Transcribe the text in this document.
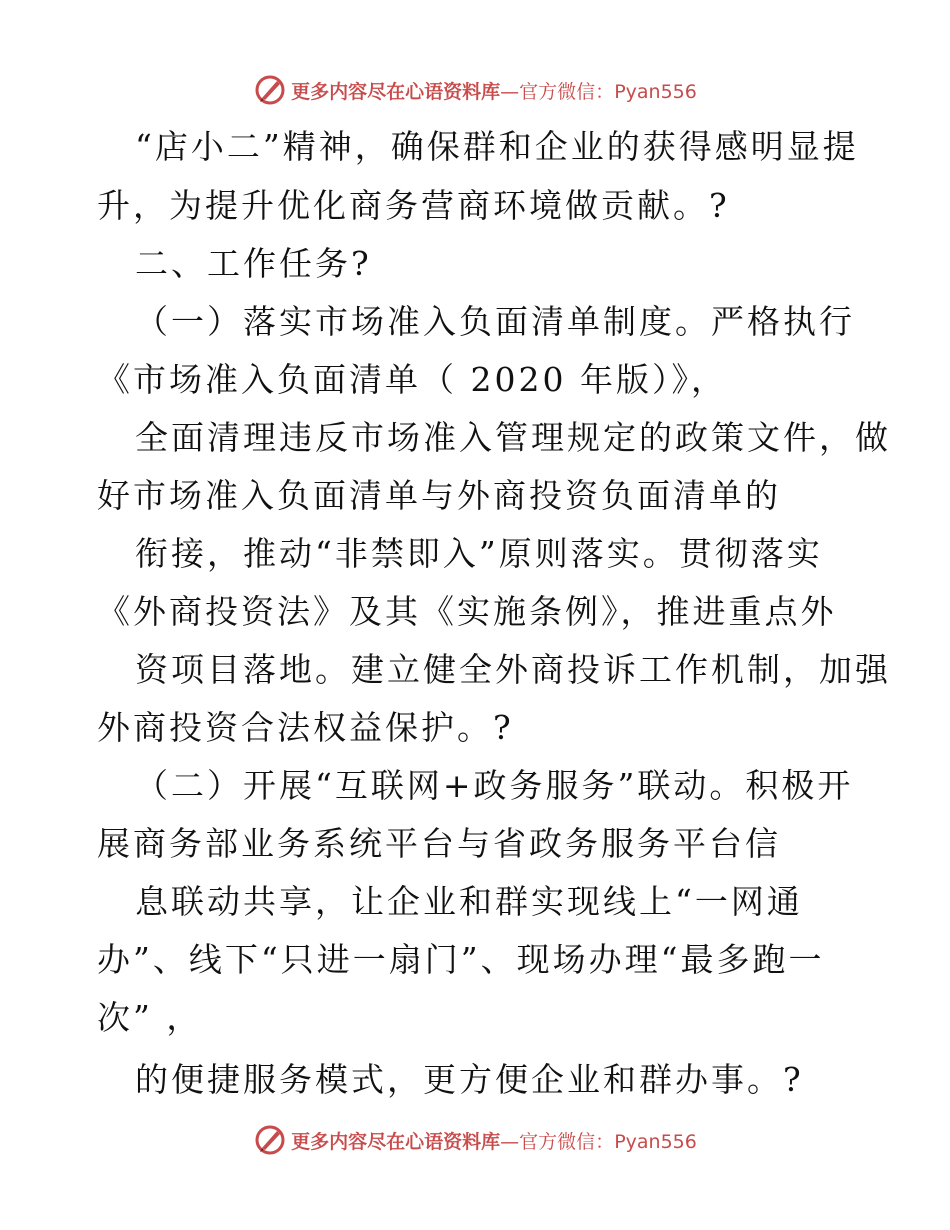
更多内容尽在心语资料库—官方微信：Pyan556
“店小二”精神，确保群和企业的获得感明显提
升，为提升优化商务营商环境做贡献。?
二、工作任务?
（一）落实市场准入负面清单制度。严格执行
《市场准入负面清单（ 2020 年版）》，
全面清理违反市场准入管理规定的政策文件，做
好市场准入负面清单与外商投资负面清单的
衔接，推动“非禁即入”原则落实。贯彻落实
《外商投资法》及其《实施条例》，推进重点外
资项目落地。建立健全外商投诉工作机制，加强
外商投资合法权益保护。?
（二）开展“互联网+政务服务”联动。积极开
展商务部业务系统平台与省政务服务平台信
息联动共享，让企业和群实现线上“一网通
办”、线下“只进一扇门”、现场办理“最多跑一
次” ，
的便捷服务模式，更方便企业和群办事。?
更多内容尽在心语资料库—官方微信：Pyan556
